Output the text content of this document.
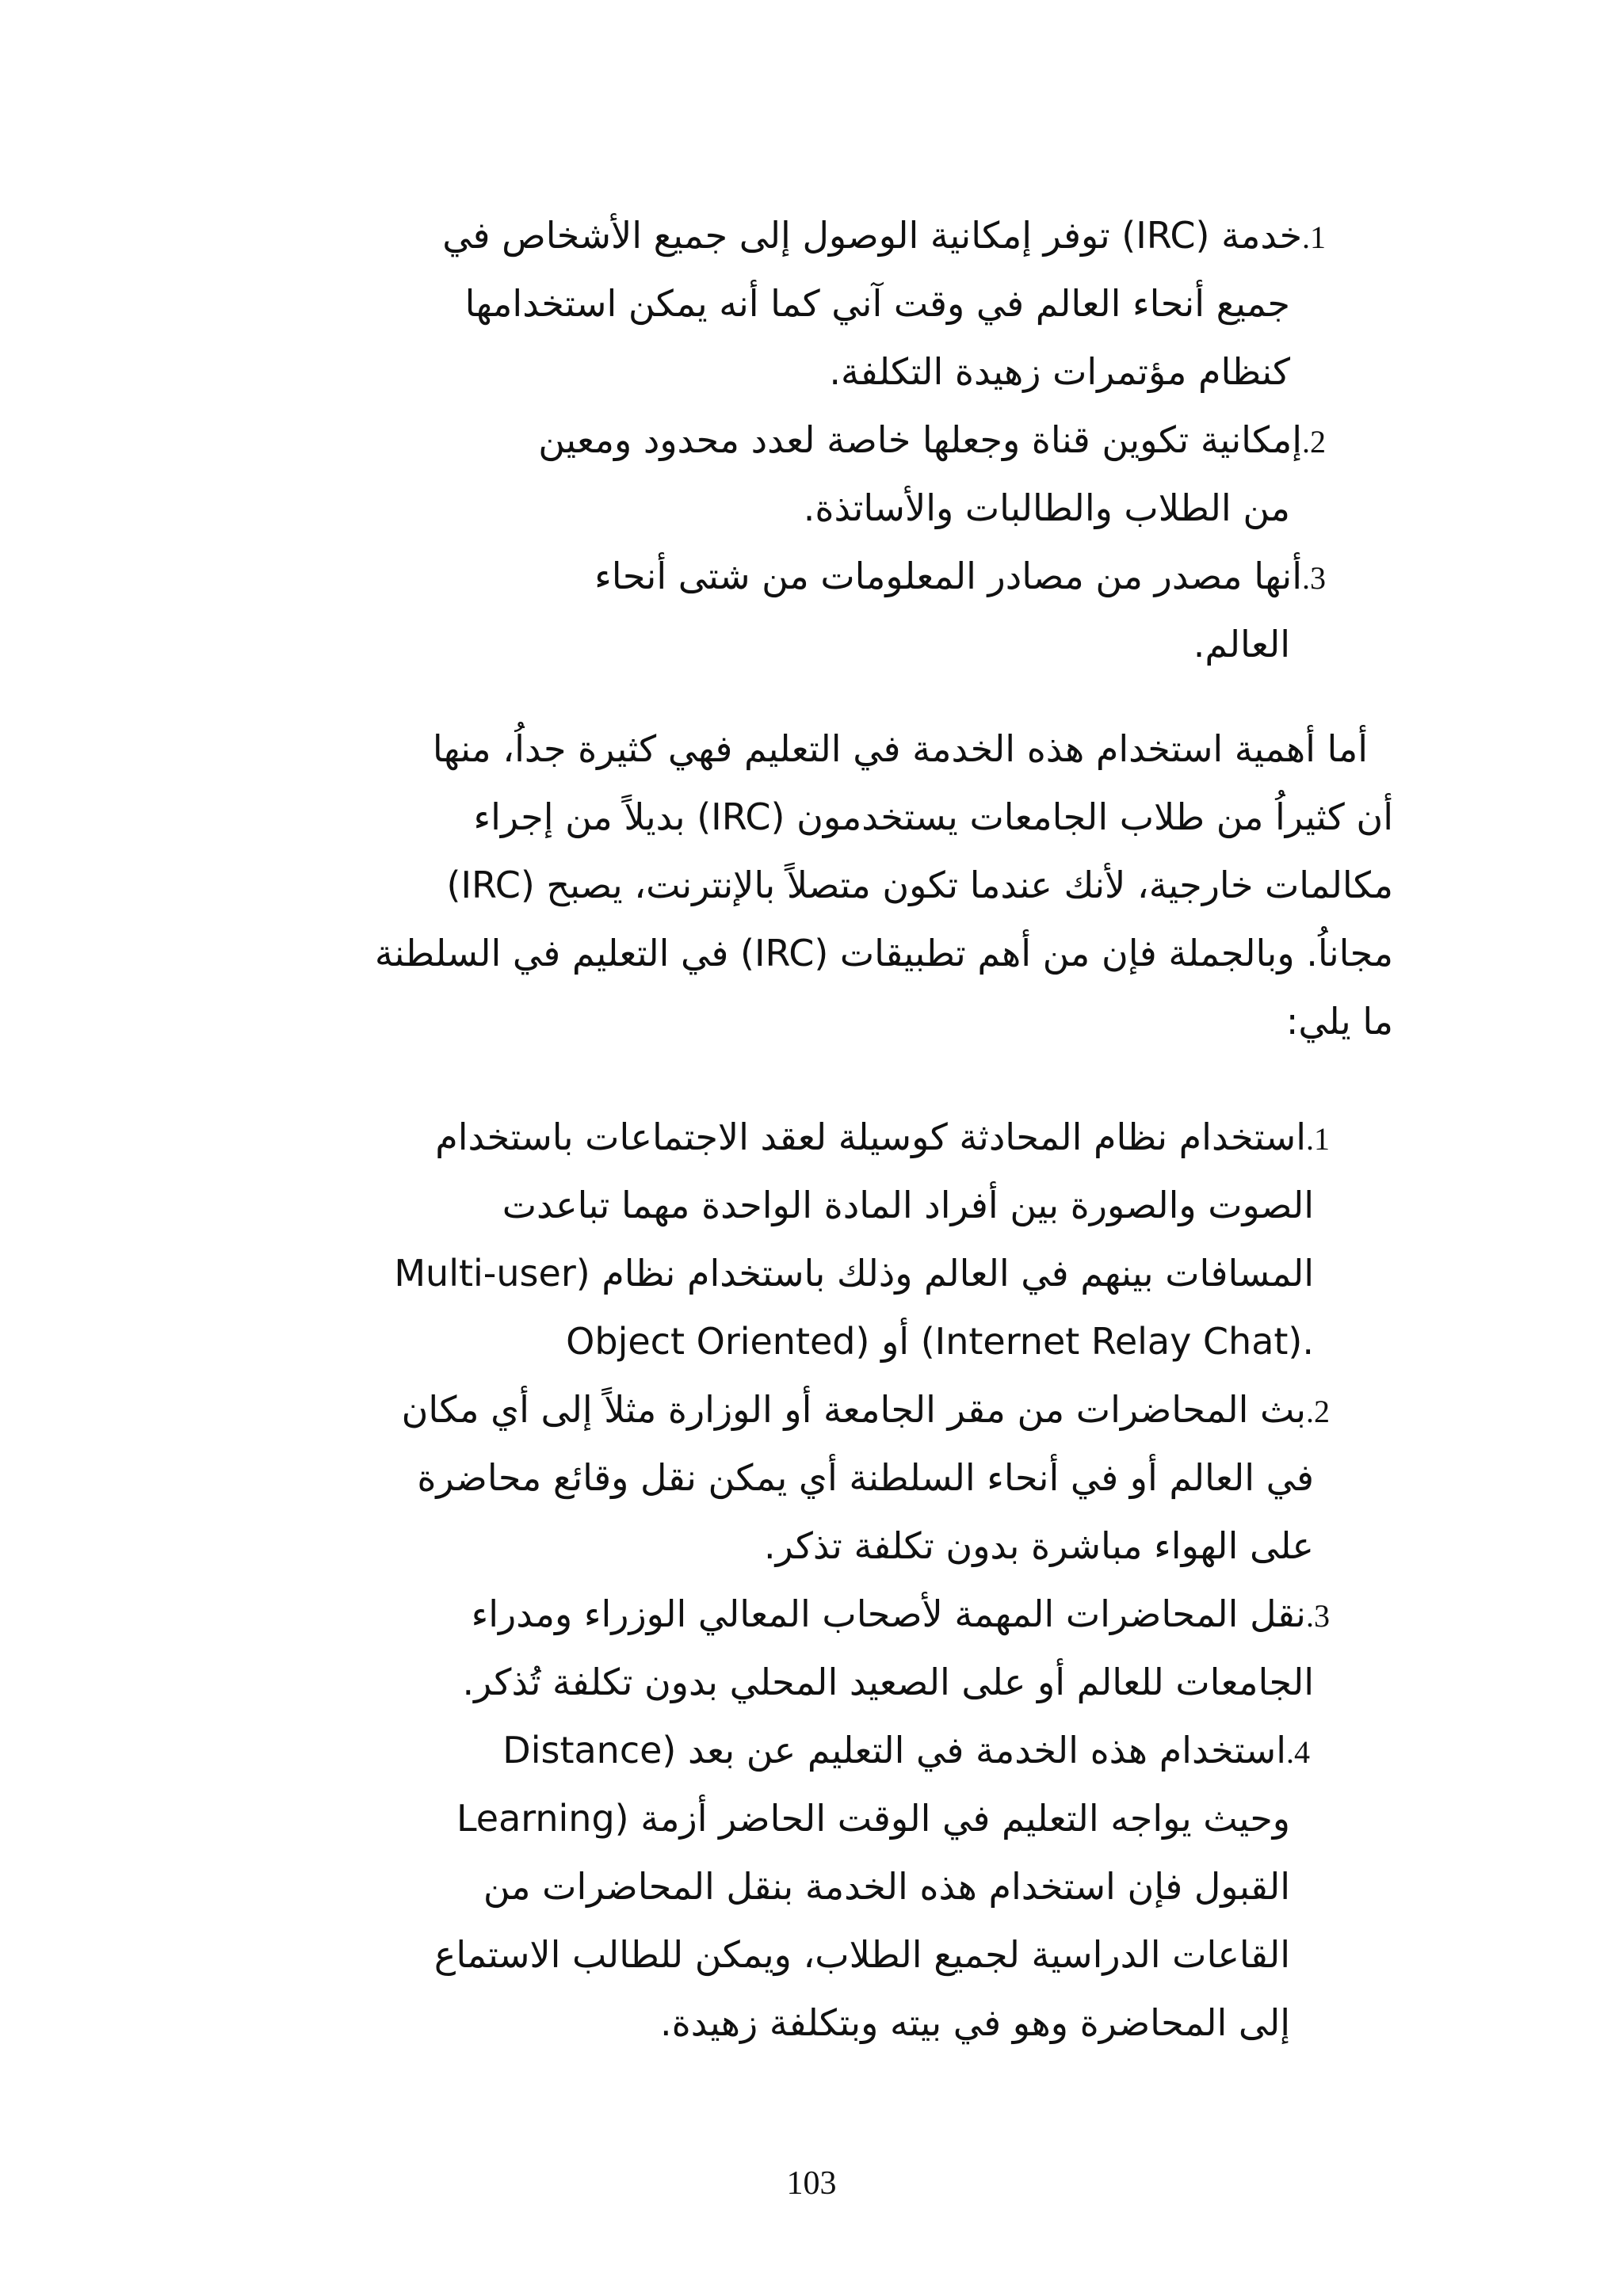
1.خدمة (IRC) توفر إمكانية الوصول إلى جميع الأشخاص في
جميع أنحاء العالم في وقت آني كما أنه يمكن استخدامها
كنظام مؤتمرات زهيدة التكلفة.
2.إمكانية تكوين قناة وجعلها خاصة لعدد محدود ومعين
من الطلاب والطالبات والأساتذة.
3.أنها مصدر من مصادر المعلومات من شتى أنحاء
العالم.
أما أهمية استخدام هذه الخدمة في التعليم فهي كثيرة جداُ، منها
أن كثيراُ من طلاب الجامعات يستخدمون (IRC) بديلاً من إجراء
مكالمات خارجية، لأنك عندما تكون متصلاً بالإنترنت، يصبح (IRC)
مجاناُ. وبالجملة فإن من أهم تطبيقات (IRC) في التعليم في السلطنة
ما يلي:
1.استخدام نظام المحادثة كوسيلة لعقد الاجتماعات باستخدام
الصوت والصورة بين أفراد المادة الواحدة مهما تباعدت
المسافات بينهم في العالم وذلك باستخدام نظام (Multi-user
Object Oriented) أو (Internet Relay Chat).
2.بث المحاضرات من مقر الجامعة أو الوزارة مثلاً إلى أي مكان
في العالم أو في أنحاء السلطنة أي يمكن نقل وقائع محاضرة
على الهواء مباشرة بدون تكلفة تذكر.
3.نقل المحاضرات المهمة لأصحاب المعالي الوزراء ومدراء
الجامعات للعالم أو على الصعيد المحلي بدون تكلفة تُذكر.
4.استخدام هذه الخدمة في التعليم عن بعد (Distance
Learning) وحيث يواجه التعليم في الوقت الحاضر أزمة
القبول فإن استخدام هذه الخدمة بنقل المحاضرات من
القاعات الدراسية لجميع الطلاب، ويمكن للطالب الاستماع
إلى المحاضرة وهو في بيته وبتكلفة زهيدة.
103
